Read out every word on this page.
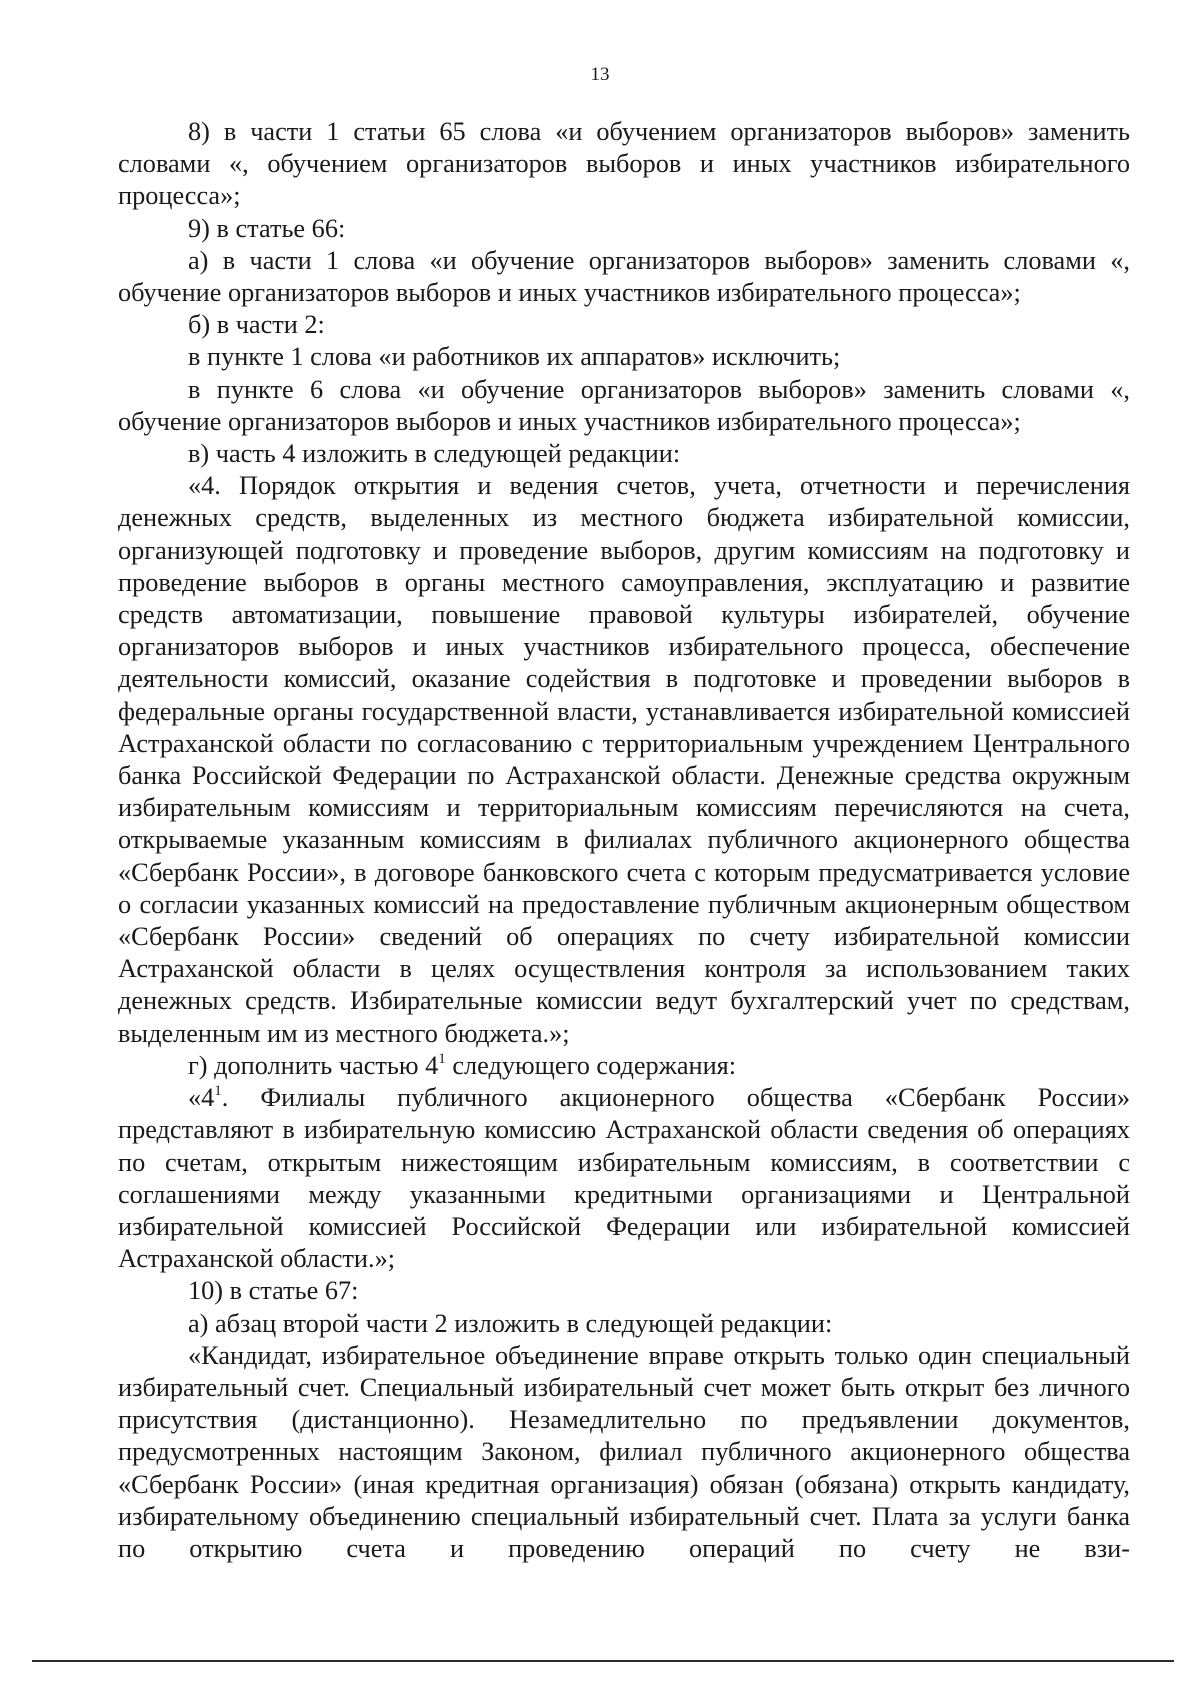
13

8) в части 1 статьи 65 слова «и обучением организаторов выборов» заменить словами «, обучением организаторов выборов и иных участников избирательного процесса»;

9) в статье 66:

а) в части 1 слова «и обучение организаторов выборов» заменить словами «, обучение организаторов выборов и иных участников избирательного процесса»;

б) в части 2:

в пункте 1 слова «и работников их аппаратов» исключить;

в пункте 6 слова «и обучение организаторов выборов» заменить словами «, обучение организаторов выборов и иных участников избирательного процесса»;

в) часть 4 изложить в следующей редакции:

«4. Порядок открытия и ведения счетов, учета, отчетности и перечисления денежных средств, выделенных из местного бюджета избирательной комиссии, организующей подготовку и проведение выборов, другим комиссиям на подготовку и проведение выборов в органы местного самоуправления, эксплуатацию и развитие средств автоматизации, повышение правовой культуры избирателей, обучение организаторов выборов и иных участников избирательного процесса, обеспечение деятельности комиссий, оказание содействия в подготовке и проведении выборов в федеральные органы государственной власти, устанавливается избирательной комиссией Астраханской области по согласованию с территориальным учреждением Центрального банка Российской Федерации по Астраханской области. Денежные средства окружным избирательным комиссиям и территориальным комиссиям перечисляются на счета, открываемые указанным комиссиям в филиалах публичного акционерного общества «Сбербанк России», в договоре банковского счета с которым предусматривается условие о согласии указанных комиссий на предоставление публичным акционерным обществом «Сбербанк России» сведений об операциях по счету избирательной комиссии Астраханской области в целях осуществления контроля за использованием таких денежных средств. Избирательные комиссии ведут бухгалтерский учет по средствам, выделенным им из местного бюджета.»;

г) дополнить частью $4^1$ следующего содержания:

«$4^1$. Филиалы публичного акционерного общества «Сбербанк России» представляют в избирательную комиссию Астраханской области сведения об операциях по счетам, открытым нижестоящим избирательным комиссиям, в соответствии с соглашениями между указанными кредитными организациями и Центральной избирательной комиссией Российской Федерации или избирательной комиссией Астраханской области.»;

10) в статье 67:

а) абзац второй части 2 изложить в следующей редакции:

«Кандидат, избирательное объединение вправе открыть только один специальный избирательный счет. Специальный избирательный счет может быть открыт без личного присутствия (дистанционно). Незамедлительно по предъявлении документов, предусмотренных настоящим Законом, филиал публичного акционерного общества «Сбербанк России» (иная кредитная организация) обязан (обязана) открыть кандидату, избирательному объединению специальный избирательный счет. Плата за услуги банка по открытию счета и проведению операций по счету не взи-
